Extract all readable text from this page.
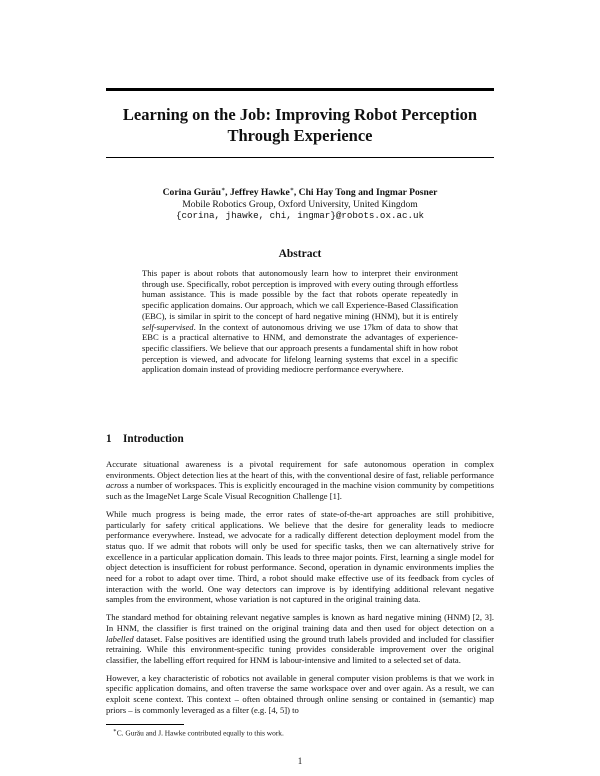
Learning on the Job: Improving Robot Perception
Through Experience
Corina Gurău∗, Jeffrey Hawke∗, Chi Hay Tong and Ingmar Posner
Mobile Robotics Group, Oxford University, United Kingdom
{corina, jhawke, chi, ingmar}@robots.ox.ac.uk
Abstract
This paper is about robots that autonomously learn how to interpret their environment through use. Specifically, robot perception is improved with every outing through effortless human assistance. This is made possible by the fact that robots operate repeatedly in specific application domains. Our approach, which we call Experience-Based Classification (EBC), is similar in spirit to the concept of hard negative mining (HNM), but it is entirely self-supervised. In the context of autonomous driving we use 17km of data to show that EBC is a practical alternative to HNM, and demonstrate the advantages of experience-specific classifiers. We believe that our approach presents a fundamental shift in how robot perception is viewed, and advocate for lifelong learning systems that excel in a specific application domain instead of providing mediocre performance everywhere.
1 Introduction

Accurate situational awareness is a pivotal requirement for safe autonomous operation in complex environments. Object detection lies at the heart of this, with the conventional desire of fast, reliable performance across a number of workspaces. This is explicitly encouraged in the machine vision community by competitions such as the ImageNet Large Scale Visual Recognition Challenge [1].

While much progress is being made, the error rates of state-of-the-art approaches are still prohibitive, particularly for safety critical applications. We believe that the desire for generality leads to mediocre performance everywhere. Instead, we advocate for a radically different detection deployment model from the status quo. If we admit that robots will only be used for specific tasks, then we can alternatively strive for excellence in a particular application domain. This leads to three major points. First, learning a single model for object detection is insufficient for robust performance. Second, operation in dynamic environments implies the need for a robot to adapt over time. Third, a robot should make effective use of its feedback from cycles of interaction with the world. One way detectors can improve is by identifying additional relevant negative samples from the environment, whose variation is not captured in the original training data.

The standard method for obtaining relevant negative samples is known as hard negative mining (HNM) [2, 3]. In HNM, the classifier is first trained on the original training data and then used for object detection on a labelled dataset. False positives are identified using the ground truth labels provided and included for classifier retraining. While this environment-specific tuning provides considerable improvement over the original classifier, the labelling effort required for HNM is labour-intensive and limited to a selected set of data.

However, a key characteristic of robotics not available in general computer vision problems is that we work in specific application domains, and often traverse the same workspace over and over again. As a result, we can exploit scene context. This context – often obtained through online sensing or contained in (semantic) map priors – is commonly leveraged as a filter (e.g. [4, 5]) to

∗C. Gurău and J. Hawke contributed equally to this work.
1
